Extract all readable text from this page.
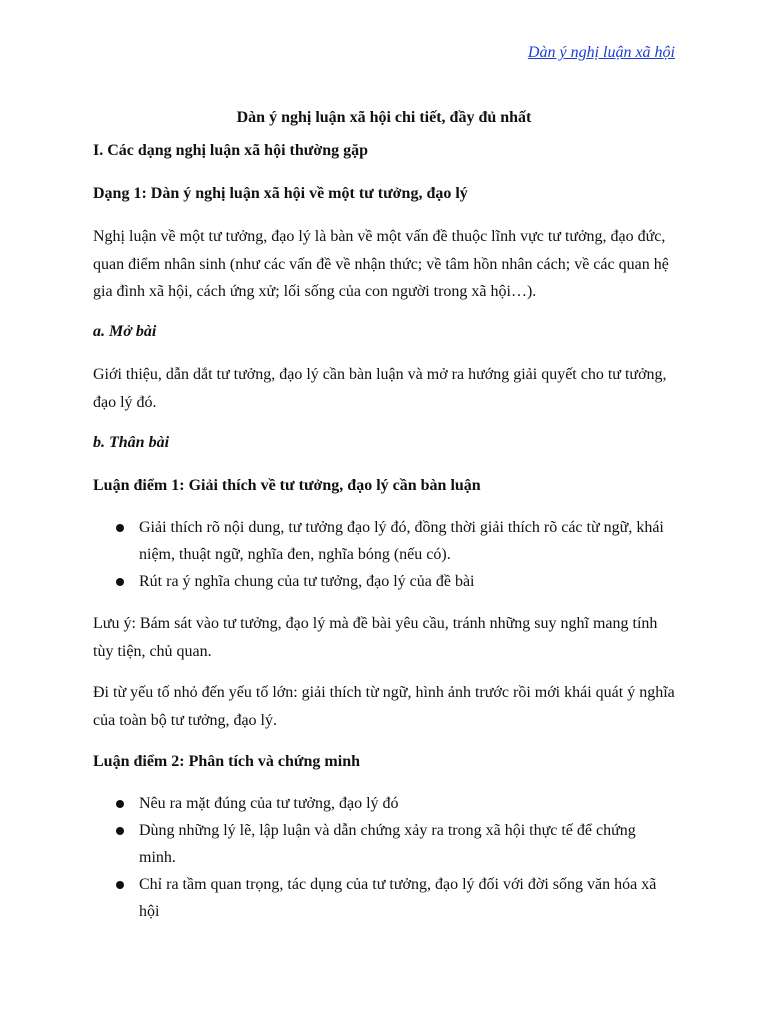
Dàn ý nghị luận xã hội
Dàn ý nghị luận xã hội chi tiết, đầy đủ nhất
I. Các dạng nghị luận xã hội thường gặp
Dạng 1: Dàn ý nghị luận xã hội về một tư tưởng, đạo lý
Nghị luận về một tư tưởng, đạo lý là bàn về một vấn đề thuộc lĩnh vực tư tưởng, đạo đức, quan điểm nhân sinh (như các vấn đề về nhận thức; về tâm hồn nhân cách; về các quan hệ gia đình xã hội, cách ứng xử; lối sống của con người trong xã hội…).
a. Mở bài
Giới thiệu, dẫn dắt tư tưởng, đạo lý cần bàn luận và mở ra hướng giải quyết cho tư tưởng, đạo lý đó.
b. Thân bài
Luận điểm 1: Giải thích về tư tưởng, đạo lý cần bàn luận
Giải thích rõ nội dung, tư tưởng đạo lý đó, đồng thời giải thích rõ các từ ngữ, khái niệm, thuật ngữ, nghĩa đen, nghĩa bóng (nếu có).
Rút ra ý nghĩa chung của tư tưởng, đạo lý của đề bài
Lưu ý: Bám sát vào tư tưởng, đạo lý mà đề bài yêu cầu, tránh những suy nghĩ mang tính tùy tiện, chủ quan.
Đi từ yếu tố nhỏ đến yếu tố lớn: giải thích từ ngữ, hình ảnh trước rồi mới khái quát ý nghĩa của toàn bộ tư tưởng, đạo lý.
Luận điểm 2: Phân tích và chứng minh
Nêu ra mặt đúng của tư tưởng, đạo lý đó
Dùng những lý lẽ, lập luận và dẫn chứng xảy ra trong xã hội thực tế để chứng minh.
Chỉ ra tầm quan trọng, tác dụng của tư tưởng, đạo lý đối với đời sống văn hóa xã hội
